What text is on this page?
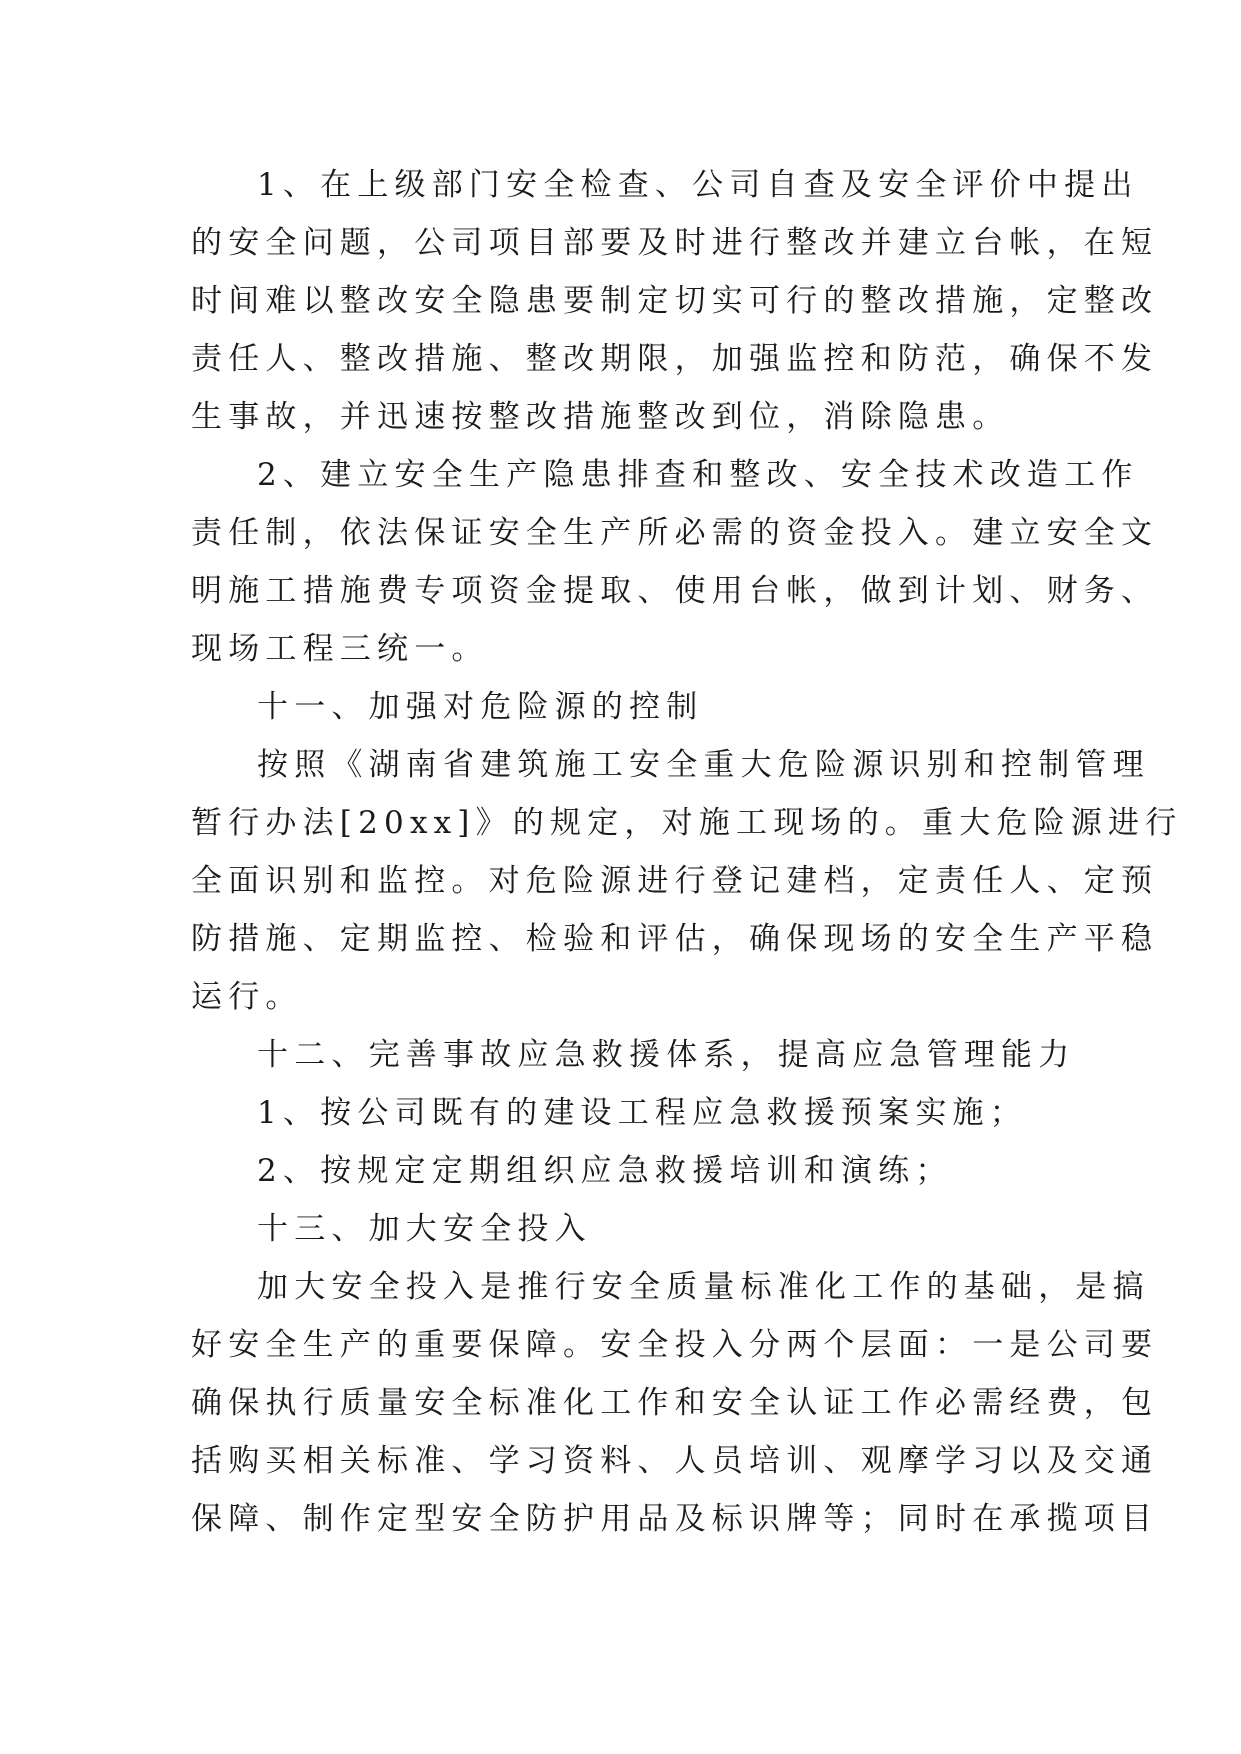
1、在上级部门安全检查、公司自查及安全评价中提出

的安全问题，公司项目部要及时进行整改并建立台帐，在短

时间难以整改安全隐患要制定切实可行的整改措施，定整改

责任人、整改措施、整改期限，加强监控和防范，确保不发

生事故，并迅速按整改措施整改到位，消除隐患。

2、建立安全生产隐患排查和整改、安全技术改造工作

责任制，依法保证安全生产所必需的资金投入。建立安全文

明施工措施费专项资金提取、使用台帐，做到计划、财务、

现场工程三统一。

十一、加强对危险源的控制

按照《湖南省建筑施工安全重大危险源识别和控制管理

暂行办法[20xx]》的规定，对施工现场的。重大危险源进行

全面识别和监控。对危险源进行登记建档，定责任人、定预

防措施、定期监控、检验和评估，确保现场的安全生产平稳

运行。

十二、完善事故应急救援体系，提高应急管理能力

1、按公司既有的建设工程应急救援预案实施；

2、按规定定期组织应急救援培训和演练；

十三、加大安全投入

加大安全投入是推行安全质量标准化工作的基础，是搞

好安全生产的重要保障。安全投入分两个层面：一是公司要

确保执行质量安全标准化工作和安全认证工作必需经费，包

括购买相关标准、学习资料、人员培训、观摩学习以及交通

保障、制作定型安全防护用品及标识牌等；同时在承揽项目
